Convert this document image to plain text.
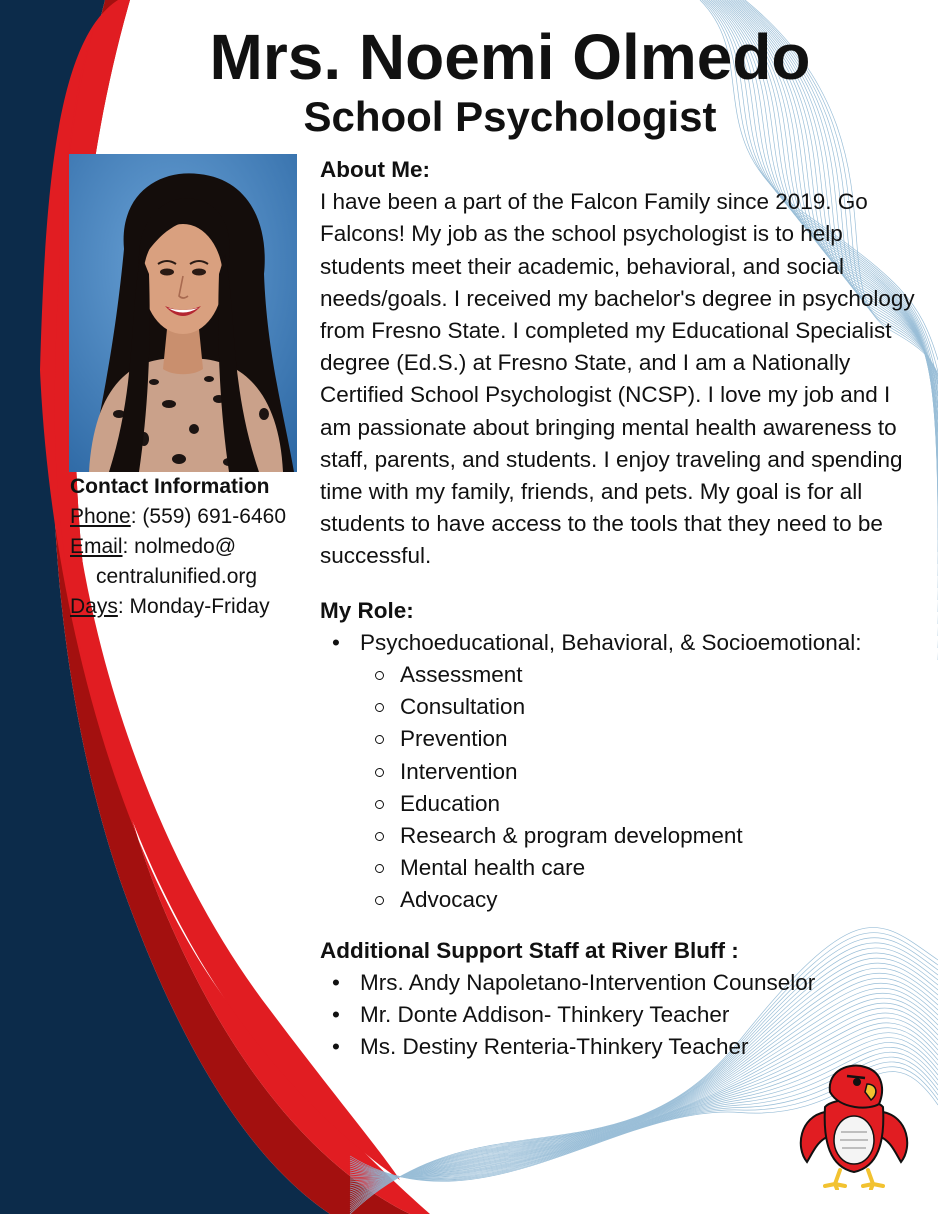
Mrs. Noemi Olmedo
School Psychologist
Contact Information
Phone: (559) 691-6460
Email: nolmedo@
centralunified.org
Days: Monday-Friday
About Me:

I have been a part of the Falcon Family since 2019. Go Falcons! My job as the school psychologist is to help students meet their academic, behavioral, and social needs/goals. I received my bachelor's degree in psychology from Fresno State. I completed my Educational Specialist degree (Ed.S.) at Fresno State, and I am a Nationally Certified School Psychologist (NCSP). I love my job and I am passionate about bringing mental health awareness to staff, parents, and students. I enjoy traveling and spending time with my family, friends, and pets. My goal is for all students to have access to the tools that they need to be successful.

My Role:
• Psychoeducational, Behavioral, & Socioemotional:
Assessment
Consultation
Prevention
Intervention
Education
Research & program development
Mental health care
Advocacy
Additional Support Staff at River Bluff :
• Mrs. Andy Napoletano-Intervention Counselor
• Mr. Donte Addison- Thinkery Teacher
• Ms. Destiny Renteria-Thinkery Teacher
